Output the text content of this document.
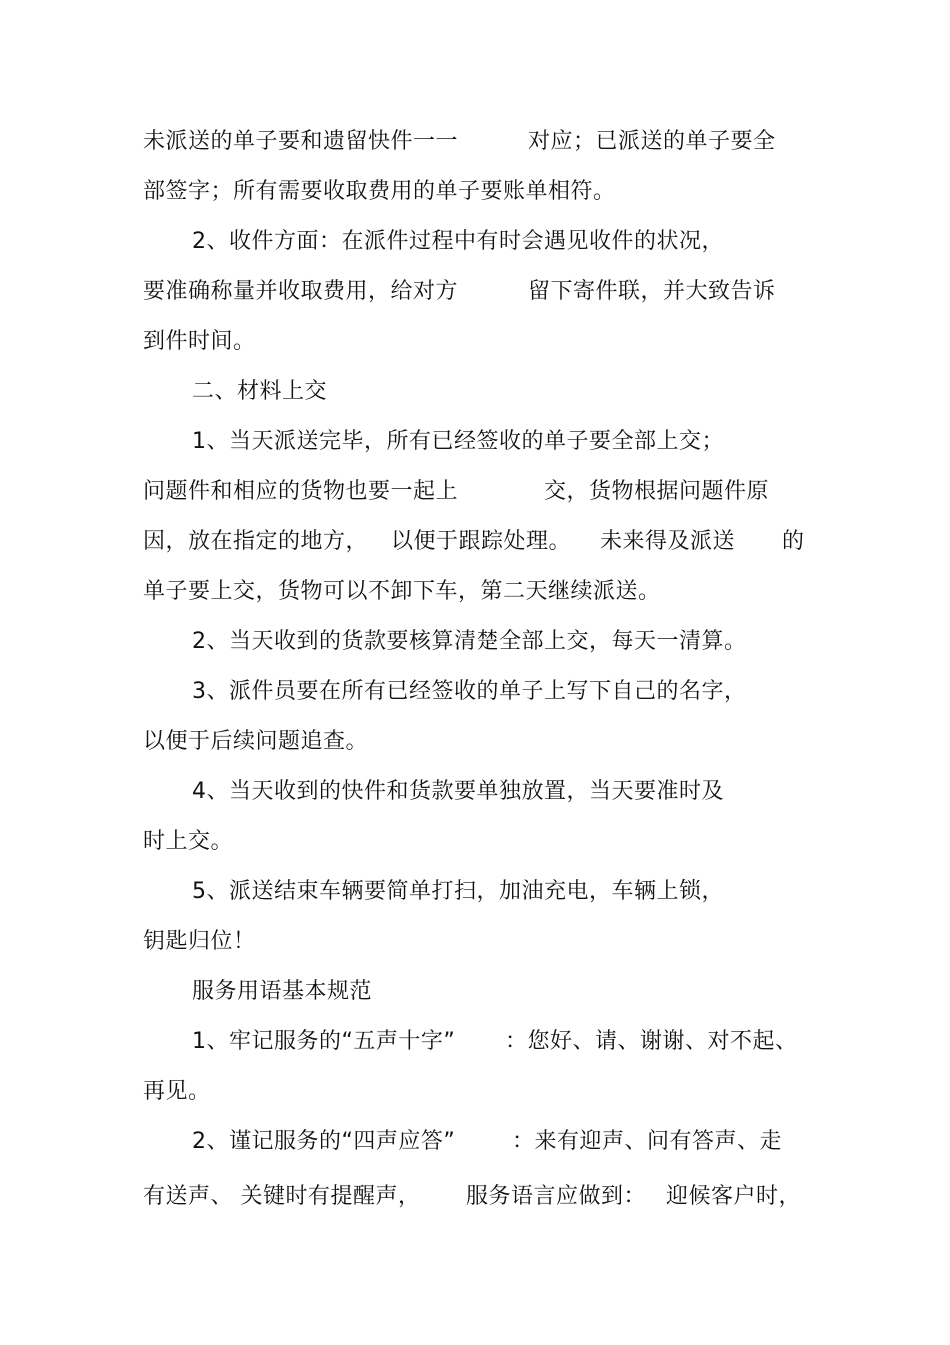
未派送的单子要和遗留快件一一	对应；已派送的单子要全
部签字；所有需要收取费用的单子要账单相符。
2、收件方面：在派件过程中有时会遇见收件的状况，
要准确称量并收取费用，给对方	留下寄件联，并大致告诉
到件时间。
二、材料上交
1、当天派送完毕，所有已经签收的单子要全部上交；
问题件和相应的货物也要一起上	交，货物根据问题件原
因，放在指定的地方， 以便于跟踪处理。 未来得及派送 的
单子要上交，货物可以不卸下车，第二天继续派送。
2、当天收到的货款要核算清楚全部上交，每天一清算。
3、派件员要在所有已经签收的单子上写下自己的名字，
以便于后续问题追查。
4、当天收到的快件和货款要单独放置，当天要准时及
时上交。
5、派送结束车辆要简单打扫，加油充电，车辆上锁，
钥匙归位！
服务用语基本规范
1、牢记服务的“五声十字” ：您好、请、谢谢、对不起、
再见。
2、谨记服务的“四声应答”	：来有迎声、问有答声、走
有送声、 关键时有提醒声， 服务语言应做到： 迎候客户时，
